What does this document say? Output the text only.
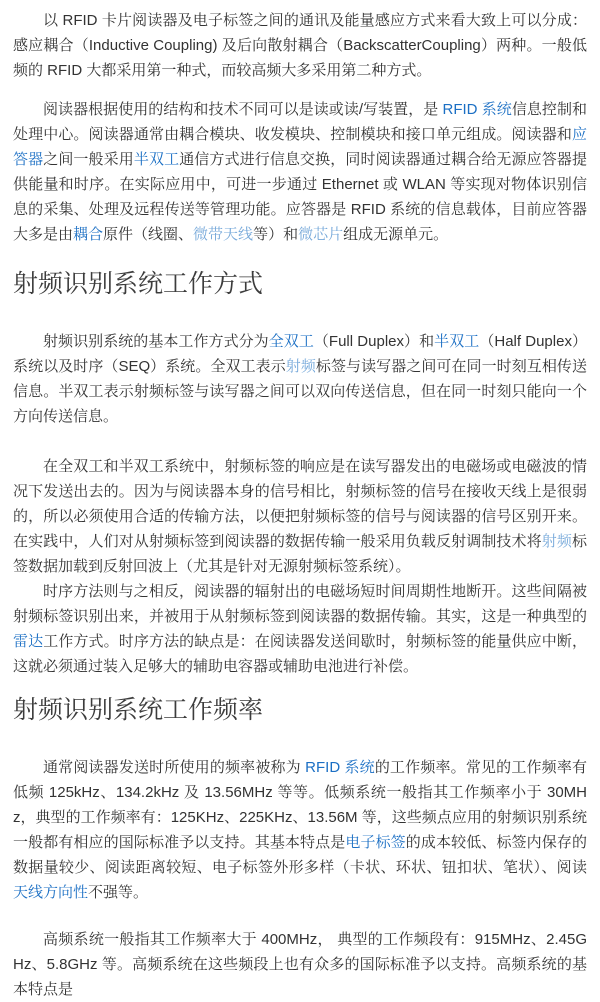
以 RFID 卡片阅读器及电子标签之间的通讯及能量感应方式来看大致上可以分成：感应耦合（Inductive Coupling) 及后向散射耦合（BackscatterCoupling）两种。一般低频的 RFID 大都采用第一种式，而较高频大多采用第二种方式。

阅读器根据使用的结构和技术不同可以是读或读/写装置，是 RFID 系统信息控制和处理中心。阅读器通常由耦合模块、收发模块、控制模块和接口单元组成。阅读器和应答器之间一般采用半双工通信方式进行信息交换，同时阅读器通过耦合给无源应答器提供能量和时序。在实际应用中，可进一步通过 Ethernet 或 WLAN 等实现对物体识别信息的采集、处理及远程传送等管理功能。应答器是 RFID 系统的信息载体，目前应答器大多是由耦合原件（线圈、微带天线等）和微芯片组成无源单元。

射频识别系统工作方式

射频识别系统的基本工作方式分为全双工（Full Duplex）和半双工（Half Duplex）系统以及时序（SEQ）系统。全双工表示射频标签与读写器之间可在同一时刻互相传送信息。半双工表示射频标签与读写器之间可以双向传送信息，但在同一时刻只能向一个方向传送信息。

在全双工和半双工系统中，射频标签的响应是在读写器发出的电磁场或电磁波的情况下发送出去的。因为与阅读器本身的信号相比，射频标签的信号在接收天线上是很弱的，所以必须使用合适的传输方法，以便把射频标签的信号与阅读器的信号区别开来。在实践中，人们对从射频标签到阅读器的数据传输一般采用负载反射调制技术将射频标签数据加载到反射回波上（尤其是针对无源射频标签系统）。

时序方法则与之相反，阅读器的辐射出的电磁场短时间周期性地断开。这些间隔被射频标签识别出来，并被用于从射频标签到阅读器的数据传输。其实，这是一种典型的雷达工作方式。时序方法的缺点是：在阅读器发送间歇时，射频标签的能量供应中断，这就必须通过装入足够大的辅助电容器或辅助电池进行补偿。

射频识别系统工作频率

通常阅读器发送时所使用的频率被称为 RFID 系统的工作频率。常见的工作频率有低频 125kHz、134.2kHz 及 13.56MHz 等等。低频系统一般指其工作频率小于 30MHz，典型的工作频率有：125KHz、225KHz、13.56M 等，这些频点应用的射频识别系统一般都有相应的国际标准予以支持。其基本特点是电子标签的成本较低、标签内保存的数据量较少、阅读距离较短、电子标签外形多样（卡状、环状、钮扣状、笔状）、阅读天线方向性不强等。

高频系统一般指其工作频率大于 400MHz， 典型的工作频段有：915MHz、2.45GHz、5.8GHz 等。高频系统在这些频段上也有众多的国际标准予以支持。高频系统的基本特点是
